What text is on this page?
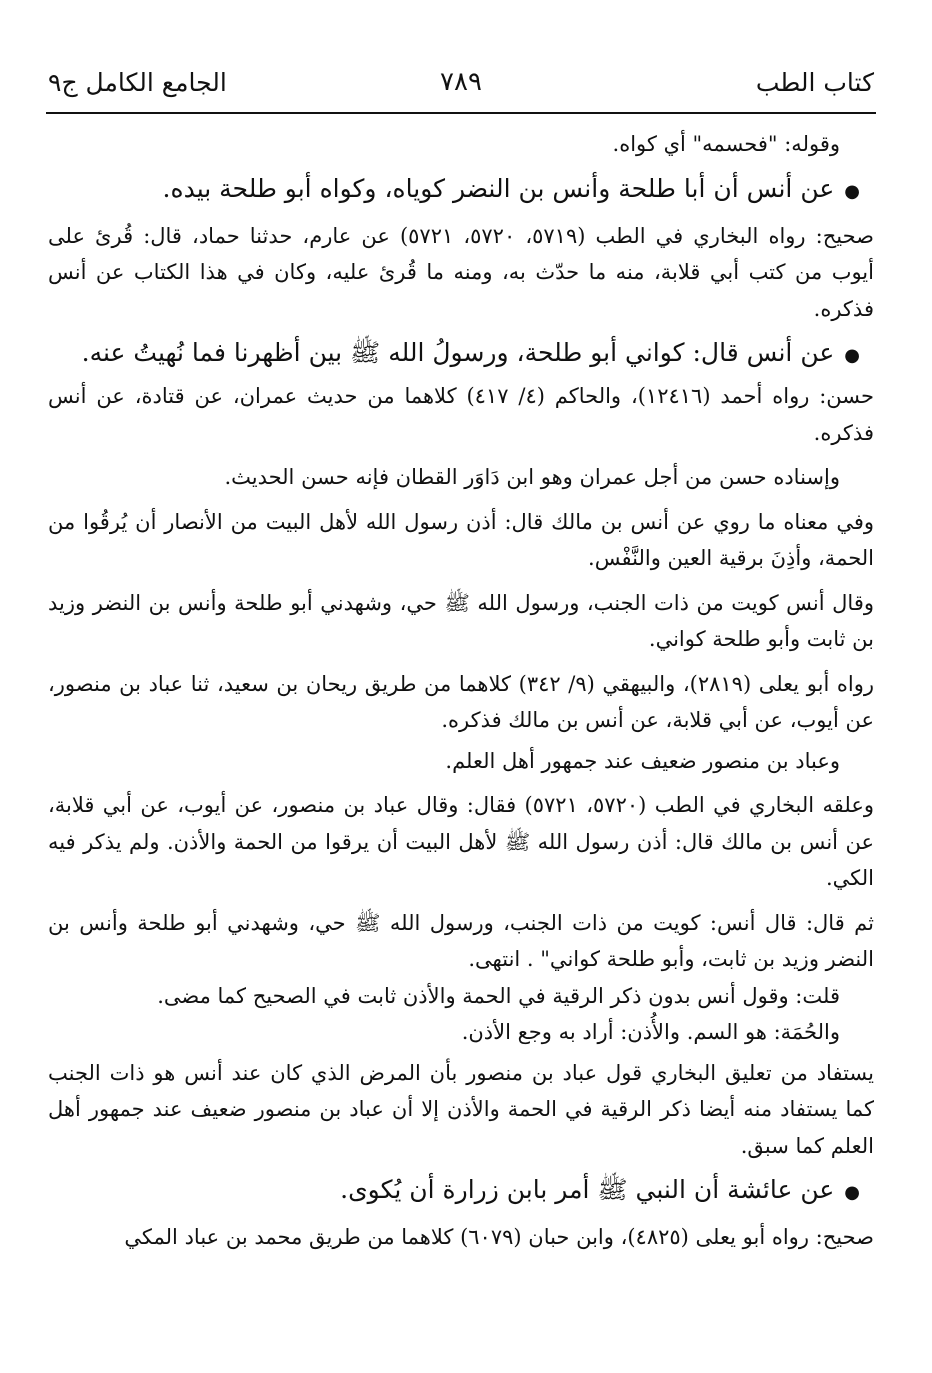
كتاب الطب
٧٨٩
الجامع الكامل ج٩

وقوله: "فحسمه" أي كواه.

●عن أنس أن أبا طلحة وأنس بن النضر كوياه، وكواه أبو طلحة بيده.

صحيح: رواه البخاري في الطب (٥٧١٩، ٥٧٢٠، ٥٧٢١) عن عارم، حدثنا حماد، قال: قُرئ على أيوب من كتب أبي قلابة، منه ما حدّث به، ومنه ما قُرئ عليه، وكان في هذا الكتاب عن أنس فذكره.

●عن أنس قال: كواني أبو طلحة، ورسولُ الله ﷺ بين أظهرنا فما نُهيتُ عنه.

حسن: رواه أحمد (١٢٤١٦)، والحاكم (٤/ ٤١٧) كلاهما من حديث عمران، عن قتادة، عن أنس فذكره.

وإسناده حسن من أجل عمران وهو ابن دَاوَر القطان فإنه حسن الحديث.

وفي معناه ما روي عن أنس بن مالك قال: أذن رسول الله لأهل البيت من الأنصار أن يُرقُوا من الحمة، وأذِنَ برقية العين والنَّفْس.

وقال أنس كويت من ذات الجنب، ورسول الله ﷺ حي، وشهدني أبو طلحة وأنس بن النضر وزيد بن ثابت وأبو طلحة كواني.

رواه أبو يعلى (٢٨١٩)، والبيهقي (٩/ ٣٤٢) كلاهما من طريق ريحان بن سعيد، ثنا عباد بن منصور، عن أيوب، عن أبي قلابة، عن أنس بن مالك فذكره.

وعباد بن منصور ضعيف عند جمهور أهل العلم.

وعلقه البخاري في الطب (٥٧٢٠، ٥٧٢١) فقال: وقال عباد بن منصور، عن أيوب، عن أبي قلابة، عن أنس بن مالك قال: أذن رسول الله ﷺ لأهل البيت أن يرقوا من الحمة والأذن. ولم يذكر فيه الكي.

ثم قال: قال أنس: كويت من ذات الجنب، ورسول الله ﷺ حي، وشهدني أبو طلحة وأنس بن النضر وزيد بن ثابت، وأبو طلحة كواني" . انتهى.

قلت: وقول أنس بدون ذكر الرقية في الحمة والأذن ثابت في الصحيح كما مضى.

والحُمَة: هو السم. والأُذن: أراد به وجع الأذن.

يستفاد من تعليق البخاري قول عباد بن منصور بأن المرض الذي كان عند أنس هو ذات الجنب كما يستفاد منه أيضا ذكر الرقية في الحمة والأذن إلا أن عباد بن منصور ضعيف عند جمهور أهل العلم كما سبق.

●عن عائشة أن النبي ﷺ أمر بابن زرارة أن يُكوى.

صحيح: رواه أبو يعلى (٤٨٢٥)، وابن حبان (٦٠٧٩) كلاهما من طريق محمد بن عباد المكي
